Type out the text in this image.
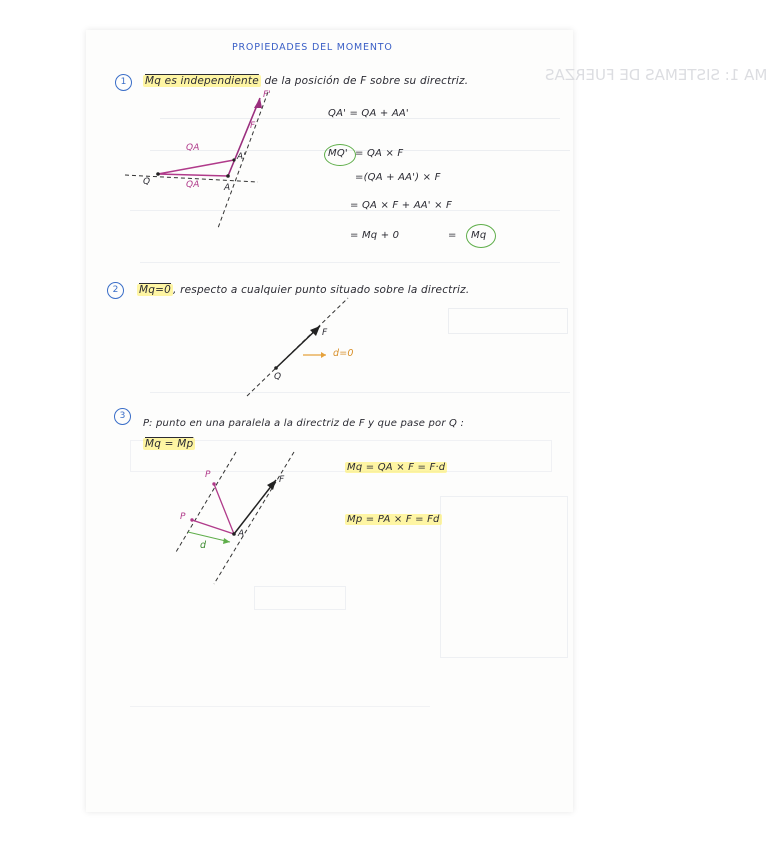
MA 1: SISTEMAS DE FUERZAS
PROPIEDADES DEL MOMENTO
1	Mq es independiente de la posición de F sobre su directriz.
F'
F
QA
A'
Q	QA	A
QA' = QA + AA'
MQ' = QA × F
=(QA + AA') × F
= QA × F + AA' × F
= Mq + 0	= Mq
2	Mq=0 , respecto a cualquier punto situado sobre la directriz.
F
d=0
Q
3
P: punto en una paralela a la directriz de F y que pase por Q :
Mq = Mp
P	F
P
d
A
Mq = QA × F = F·d
Mp = PA × F = Fd
